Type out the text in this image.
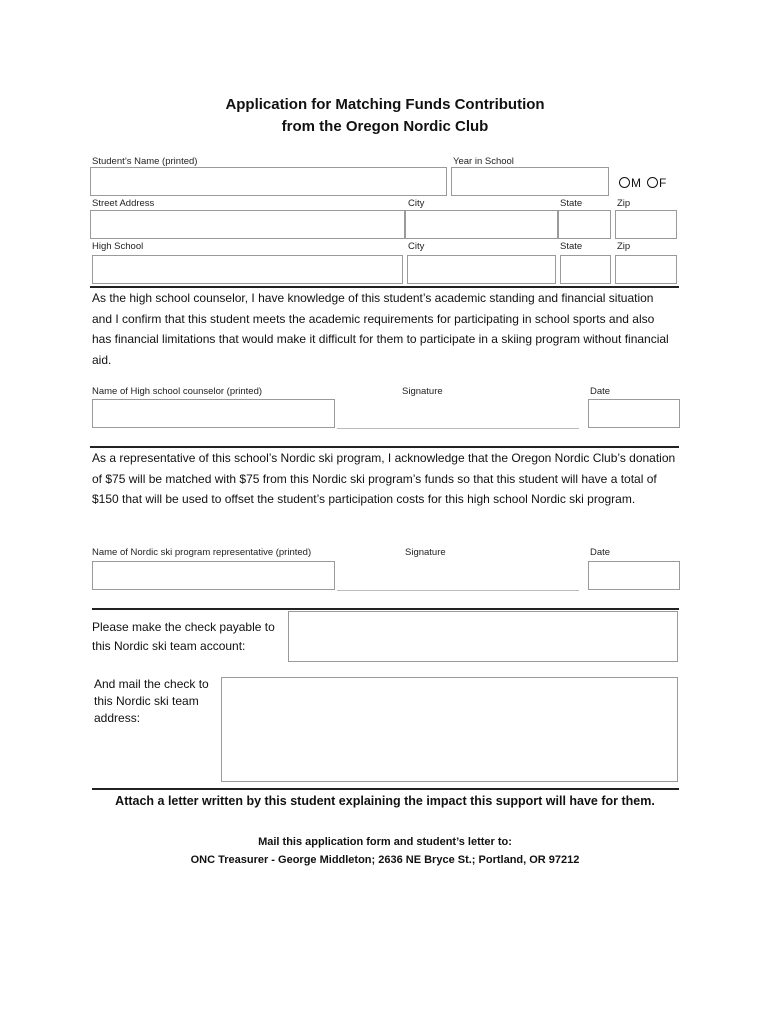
Application for Matching Funds Contribution
from the Oregon Nordic Club
Student’s Name (printed)	Year in School
M F
Street Address	City	State	Zip
High School	City	State	Zip
As the high school counselor, I have knowledge of this student’s academic standing and financial situation and I confirm that this student meets the academic requirements for participating in school sports and also has financial limitations that would make it difficult for them to participate in a skiing program without financial aid.
Name of High school counselor (printed)	Signature	Date
As a representative of this school’s Nordic ski program, I acknowledge that the Oregon Nordic Club’s donation of $75 will be matched with $75 from this Nordic ski program’s funds so that this student will have a total of $150 that will be used to offset the student’s participation costs for this high school Nordic ski program.
Name of Nordic ski program representative (printed)	Signature	Date
Please make the check payable to this Nordic ski team account:
And mail the check to this Nordic ski team address:
Attach a letter written by this student explaining the impact this support will have for them.
Mail this application form and student’s letter to:
ONC Treasurer - George Middleton; 2636 NE Bryce St.; Portland, OR 97212
